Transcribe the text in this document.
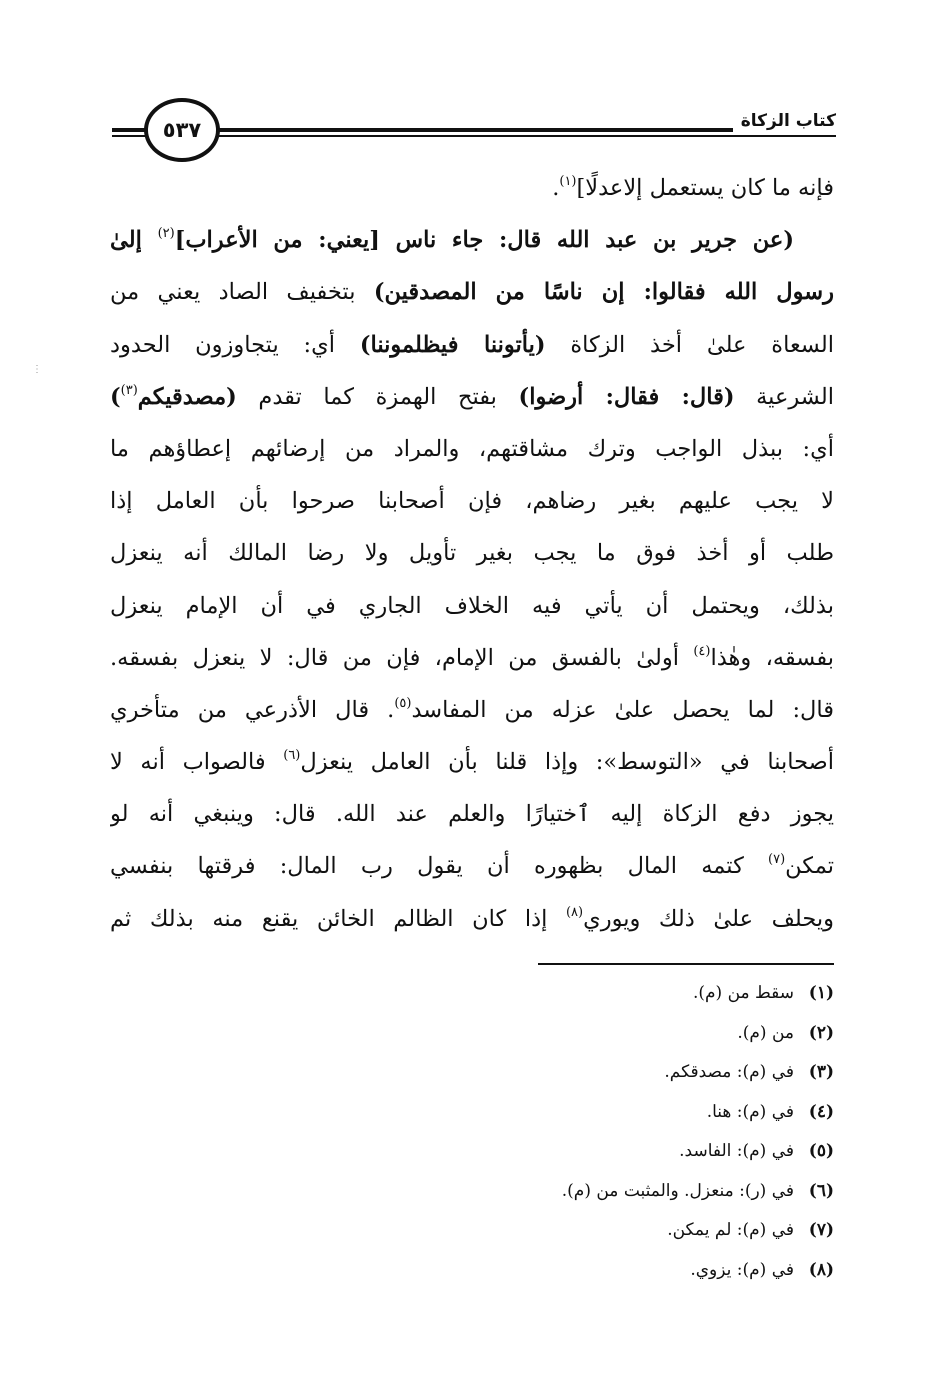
كتاب الزكاة
٥٣٧
فإنه ما كان يستعمل إلاعدلًا]$^{(١)}$.
(عن جرير بن عبد الله قال: جاء ناس [يعني: من الأعراب]$^{(٢)}$ إلىٰ
رسول الله فقالوا: إن ناسًا من المصدقين) بتخفيف الصاد يعني من
السعاة علىٰ أخذ الزكاة (يأتوننا فيظلموننا) أي: يتجاوزون الحدود
الشرعية (قال: فقال: أرضوا) بفتح الهمزة كما تقدم (مصدقيكم$^{(٣)}$)
أي: ببذل الواجب وترك مشاقتهم، والمراد من إرضائهم إعطاؤهم ما
لا يجب عليهم بغير رضاهم، فإن أصحابنا صرحوا بأن العامل إذا
طلب أو أخذ فوق ما يجب بغير تأويل ولا رضا المالك أنه ينعزل
بذلك، ويحتمل أن يأتي فيه الخلاف الجاري في أن الإمام ينعزل
بفسقه، وهٰذا$^{(٤)}$ أولىٰ بالفسق من الإمام، فإن من قال: لا ينعزل بفسقه.
قال: لما يحصل علىٰ عزله من المفاسد$^{(٥)}$. قال الأذرعي من متأخري
أصحابنا في «التوسط»: وإذا قلنا بأن العامل ينعزل$^{(٦)}$ فالصواب أنه لا
يجوز دفع الزكاة إليه ٱختيارًا والعلم عند الله. قال: وينبغي أنه لو
تمكن$^{(٧)}$ كتمه المال بظهوره أن يقول رب المال: فرقتها بنفسي
ويحلف علىٰ ذلك ويوري$^{(٨)}$ إذا كان الظالم الخائن يقنع منه بذلك ثم
(١)سقط من (م).
(٢)من (م).
(٣)في (م): مصدقكم.
(٤)في (م): هنا.
(٥)في (م): الفاسد.
(٦)في (ر): منعزل. والمثبت من (م).
(٧)في (م): لم يمكن.
(٨)في (م): يزوي.
⋮
